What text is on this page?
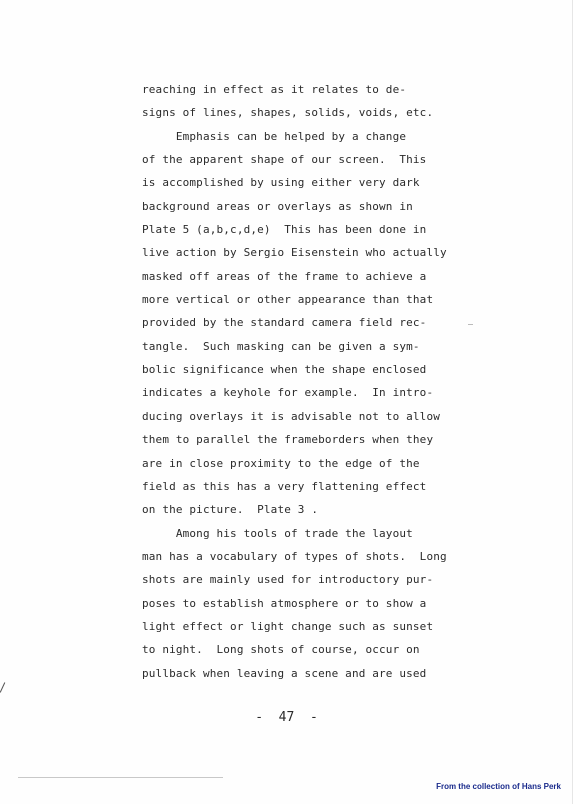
reaching in effect as it relates to de-
signs of lines, shapes, solids, voids, etc.
Emphasis can be helped by a change
of the apparent shape of our screen.  This
is accomplished by using either very dark
background areas or overlays as shown in
Plate 5 (a,b,c,d,e)  This has been done in
live action by Sergio Eisenstein who actually
masked off areas of the frame to achieve a
more vertical or other appearance than that
provided by the standard camera field rec-
tangle.  Such masking can be given a sym-
bolic significance when the shape enclosed
indicates a keyhole for example.  In intro-
ducing overlays it is advisable not to allow
them to parallel the frameborders when they
are in close proximity to the edge of the
field as this has a very flattening effect
on the picture.  Plate 3 .
Among his tools of trade the layout
man has a vocabulary of types of shots.  Long
shots are mainly used for introductory pur-
poses to establish atmosphere or to show a
light effect or light change such as sunset
to night.  Long shots of course, occur on
pullback when leaving a scene and are used
-  47  -
From the collection of Hans Perk
